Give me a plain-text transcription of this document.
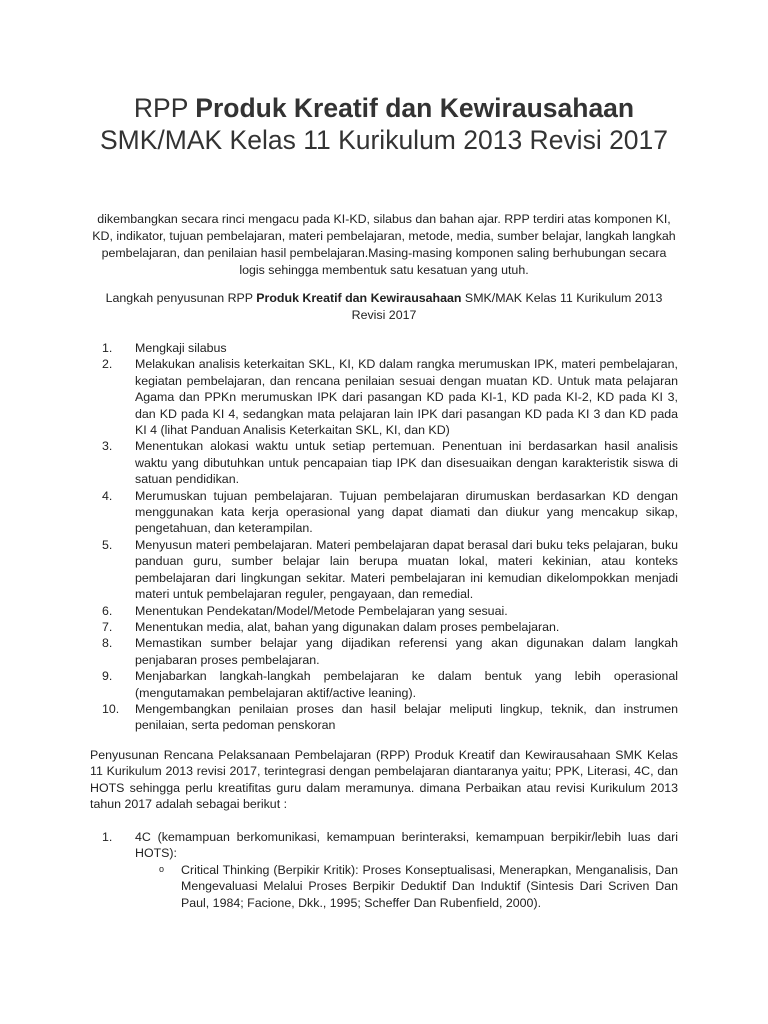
RPP Produk Kreatif dan Kewirausahaan SMK/MAK Kelas 11 Kurikulum 2013 Revisi 2017

dikembangkan secara rinci mengacu pada KI-KD, silabus dan bahan ajar. RPP terdiri atas komponen KI, KD, indikator, tujuan pembelajaran, materi pembelajaran, metode, media, sumber belajar, langkah langkah pembelajaran, dan penilaian hasil pembelajaran.Masing-masing komponen saling berhubungan secara logis sehingga membentuk satu kesatuan yang utuh.

Langkah penyusunan RPP Produk Kreatif dan Kewirausahaan SMK/MAK Kelas 11 Kurikulum 2013 Revisi 2017

1.	Mengkaji silabus
2.	Melakukan analisis keterkaitan SKL, KI, KD dalam rangka merumuskan IPK, materi pembelajaran, kegiatan pembelajaran, dan rencana penilaian sesuai dengan muatan KD. Untuk mata pelajaran Agama dan PPKn merumuskan IPK dari pasangan KD pada KI-1, KD pada KI-2, KD pada KI 3, dan KD pada KI 4, sedangkan mata pelajaran lain IPK dari pasangan KD pada KI 3 dan KD pada KI 4 (lihat Panduan Analisis Keterkaitan SKL, KI, dan KD)
3.	Menentukan alokasi waktu untuk setiap pertemuan. Penentuan ini berdasarkan hasil analisis waktu yang dibutuhkan untuk pencapaian tiap IPK dan disesuaikan dengan karakteristik siswa di satuan pendidikan.
4.	Merumuskan tujuan pembelajaran. Tujuan pembelajaran dirumuskan berdasarkan KD dengan menggunakan kata kerja operasional yang dapat diamati dan diukur yang mencakup sikap, pengetahuan, dan keterampilan.
5.	Menyusun materi pembelajaran. Materi pembelajaran dapat berasal dari buku teks pelajaran, buku panduan guru, sumber belajar lain berupa muatan lokal, materi kekinian, atau konteks pembelajaran dari lingkungan sekitar. Materi pembelajaran ini kemudian dikelompokkan menjadi materi untuk pembelajaran reguler, pengayaan, dan remedial.
6.	Menentukan Pendekatan/Model/Metode Pembelajaran yang sesuai.
7.	Menentukan media, alat, bahan yang digunakan dalam proses pembelajaran.
8.	Memastikan sumber belajar yang dijadikan referensi yang akan digunakan dalam langkah penjabaran proses pembelajaran.
9.	Menjabarkan langkah-langkah pembelajaran ke dalam bentuk yang lebih operasional (mengutamakan pembelajaran aktif/active leaning).
10.	Mengembangkan penilaian proses dan hasil belajar meliputi lingkup, teknik, dan instrumen penilaian, serta pedoman penskoran

Penyusunan Rencana Pelaksanaan Pembelajaran (RPP) Produk Kreatif dan Kewirausahaan SMK Kelas 11 Kurikulum 2013 revisi 2017, terintegrasi dengan pembelajaran diantaranya yaitu; PPK, Literasi, 4C, dan HOTS sehingga perlu kreatifitas guru dalam meramunya. dimana Perbaikan atau revisi Kurikulum 2013 tahun 2017 adalah sebagai berikut :

1. 4C (kemampuan berkomunikasi, kemampuan berinteraksi, kemampuan berpikir/lebih luas dari HOTS):
o Critical Thinking (Berpikir Kritik): Proses Konseptualisasi, Menerapkan, Menganalisis, Dan Mengevaluasi Melalui Proses Berpikir Deduktif Dan Induktif (Sintesis Dari Scriven Dan Paul, 1984; Facione, Dkk., 1995; Scheffer Dan Rubenfield, 2000).
